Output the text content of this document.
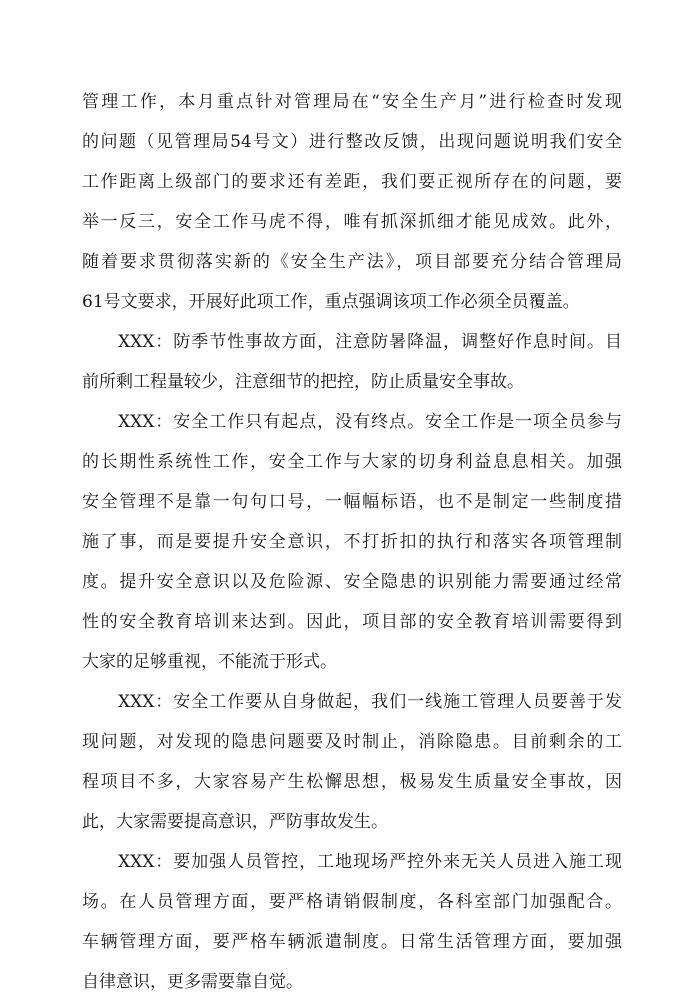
管理工作，本月重点针对管理局在“安全生产月”进行检查时发现
的问题（见管理局54号文）进行整改反馈，出现问题说明我们安全
工作距离上级部门的要求还有差距，我们要正视所存在的问题，要
举一反三，安全工作马虎不得，唯有抓深抓细才能见成效。此外，
随着要求贯彻落实新的《安全生产法》，项目部要充分结合管理局
61号文要求，开展好此项工作，重点强调该项工作必须全员覆盖。
XXX：防季节性事故方面，注意防暑降温，调整好作息时间。目
前所剩工程量较少，注意细节的把控，防止质量安全事故。
XXX：安全工作只有起点，没有终点。安全工作是一项全员参与
的长期性系统性工作，安全工作与大家的切身利益息息相关。加强
安全管理不是靠一句句口号，一幅幅标语，也不是制定一些制度措
施了事，而是要提升安全意识，不打折扣的执行和落实各项管理制
度。提升安全意识以及危险源、安全隐患的识别能力需要通过经常
性的安全教育培训来达到。因此，项目部的安全教育培训需要得到
大家的足够重视，不能流于形式。
XXX：安全工作要从自身做起，我们一线施工管理人员要善于发
现问题，对发现的隐患问题要及时制止，消除隐患。目前剩余的工
程项目不多，大家容易产生松懈思想，极易发生质量安全事故，因
此，大家需要提高意识，严防事故发生。
XXX：要加强人员管控，工地现场严控外来无关人员进入施工现
场。在人员管理方面，要严格请销假制度，各科室部门加强配合。
车辆管理方面，要严格车辆派遣制度。日常生活管理方面，要加强
自律意识，更多需要靠自觉。
